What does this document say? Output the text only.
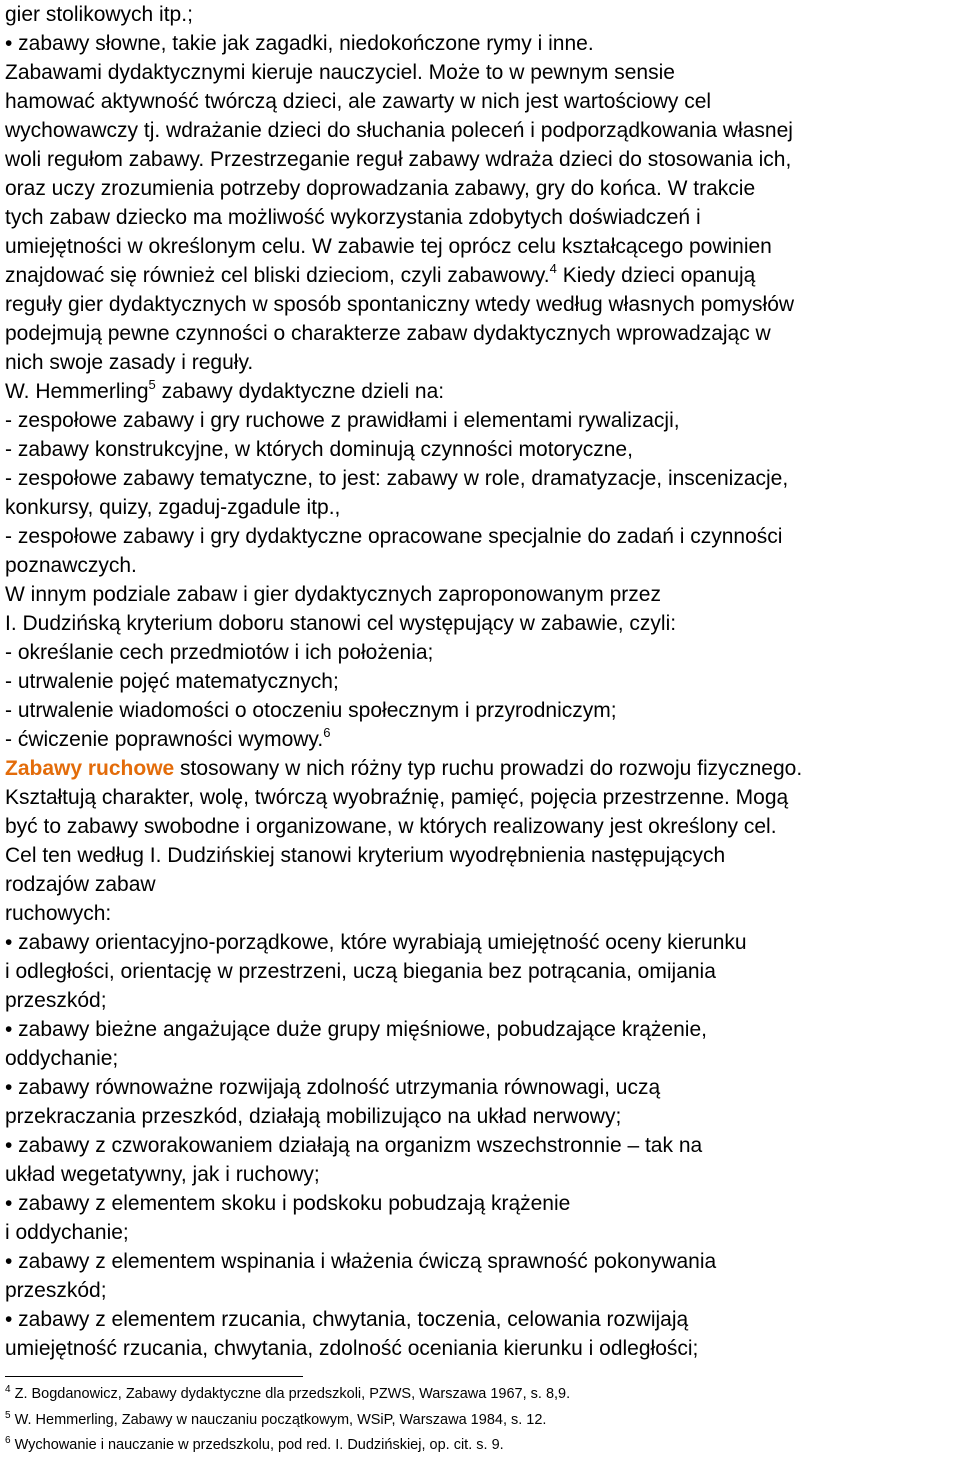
gier stolikowych itp.;
• zabawy słowne, takie jak zagadki, niedokończone rymy i inne.
Zabawami dydaktycznymi kieruje nauczyciel. Może to w pewnym sensie
hamować aktywność twórczą dzieci, ale zawarty w nich jest wartościowy cel
wychowawczy tj. wdrażanie dzieci do słuchania poleceń i podporządkowania własnej
woli regułom zabawy. Przestrzeganie reguł zabawy wdraża dzieci do stosowania ich,
oraz uczy zrozumienia potrzeby doprowadzania zabawy, gry do końca. W trakcie
tych zabaw dziecko ma możliwość wykorzystania zdobytych doświadczeń i
umiejętności w określonym celu. W zabawie tej oprócz celu kształcącego powinien
znajdować się również cel bliski dzieciom, czyli zabawowy.$^4$ Kiedy dzieci opanują
reguły gier dydaktycznych w sposób spontaniczny wtedy według własnych pomysłów
podejmują pewne czynności o charakterze zabaw dydaktycznych wprowadzając w
nich swoje zasady i reguły.
W. Hemmerling$^5$ zabawy dydaktyczne dzieli na:
- zespołowe zabawy i gry ruchowe z prawidłami i elementami rywalizacji,
- zabawy konstrukcyjne, w których dominują czynności motoryczne,
- zespołowe zabawy tematyczne, to jest: zabawy w role, dramatyzacje, inscenizacje,
konkursy, quizy, zgaduj-zgadule itp.,
- zespołowe zabawy i gry dydaktyczne opracowane specjalnie do zadań i czynności
poznawczych.
W innym podziale zabaw i gier dydaktycznych zaproponowanym przez
I. Dudzińską kryterium doboru stanowi cel występujący w zabawie, czyli:
- określanie cech przedmiotów i ich położenia;
- utrwalenie pojęć matematycznych;
- utrwalenie wiadomości o otoczeniu społecznym i przyrodniczym;
- ćwiczenie poprawności wymowy.$^6$
Zabawy ruchowe stosowany w nich różny typ ruchu prowadzi do rozwoju fizycznego.
Kształtują charakter, wolę, twórczą wyobraźnię, pamięć, pojęcia przestrzenne. Mogą
być to zabawy swobodne i organizowane, w których realizowany jest określony cel.
Cel ten według I. Dudzińskiej stanowi kryterium wyodrębnienia następujących
rodzajów zabaw
ruchowych:
• zabawy orientacyjno-porządkowe, które wyrabiają umiejętność oceny kierunku
i odległości, orientację w przestrzeni, uczą biegania bez potrącania, omijania
przeszkód;
• zabawy bieżne angażujące duże grupy mięśniowe, pobudzające krążenie,
oddychanie;
• zabawy równoważne rozwijają zdolność utrzymania równowagi, uczą
przekraczania przeszkód, działają mobilizująco na układ nerwowy;
• zabawy z czworakowaniem działają na organizm wszechstronnie – tak na
układ wegetatywny, jak i ruchowy;
• zabawy z elementem skoku i podskoku pobudzają krążenie
i oddychanie;
• zabawy z elementem wspinania i włażenia ćwiczą sprawność pokonywania
przeszkód;
• zabawy z elementem rzucania, chwytania, toczenia, celowania rozwijają
umiejętność rzucania, chwytania, zdolność oceniania kierunku i odległości;
$^4$ Z. Bogdanowicz, Zabawy dydaktyczne dla przedszkoli, PZWS, Warszawa 1967, s. 8,9.
$^5$ W. Hemmerling, Zabawy w nauczaniu początkowym, WSiP, Warszawa 1984, s. 12.
$^6$ Wychowanie i nauczanie w przedszkolu, pod red. I. Dudzińskiej, op. cit. s. 9.
